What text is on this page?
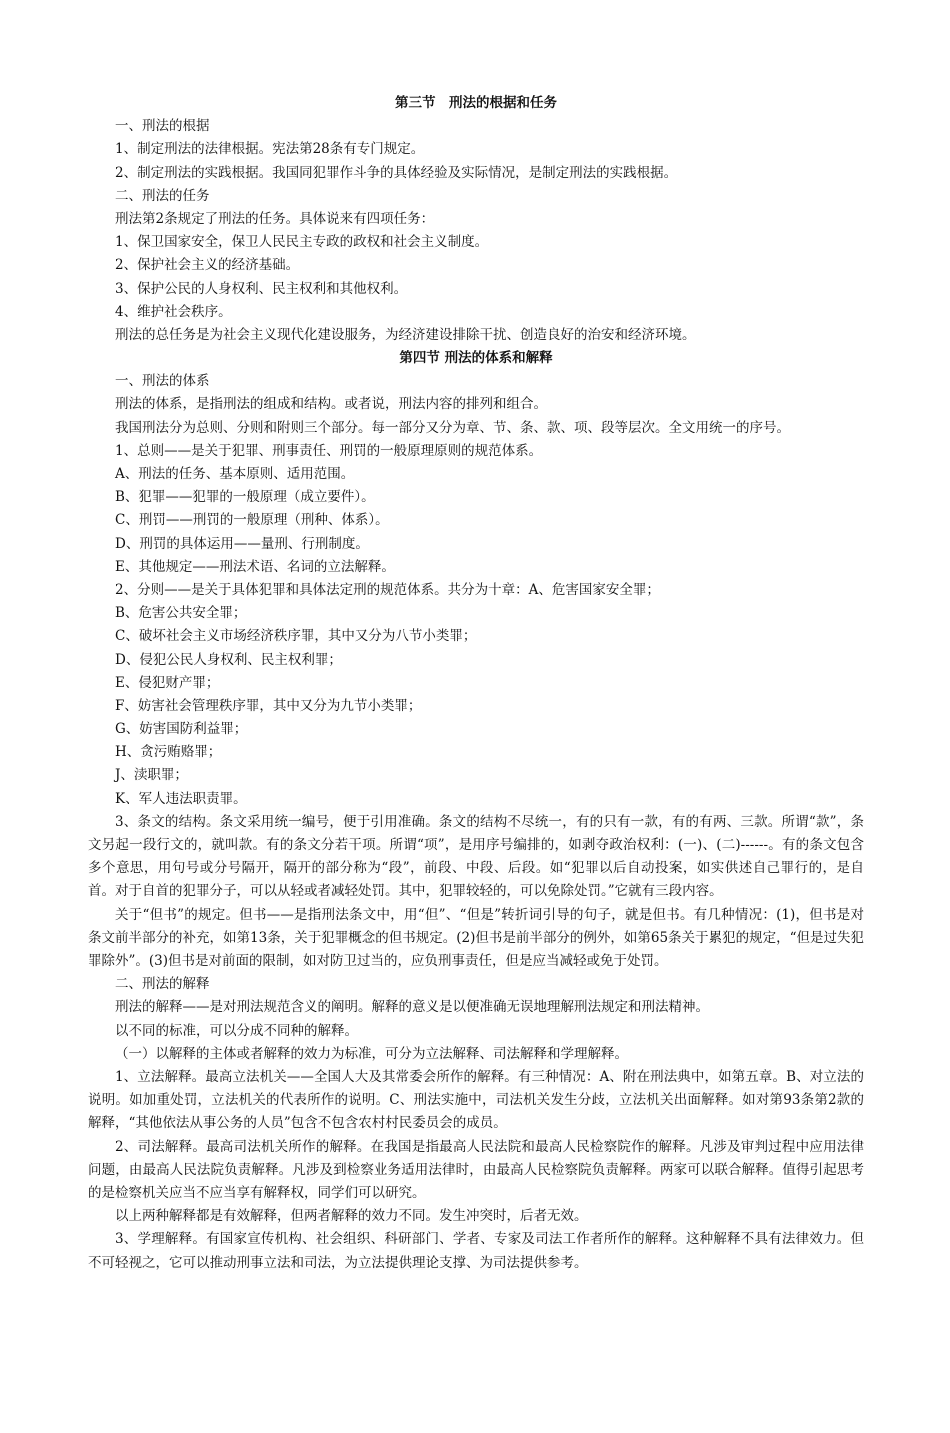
第三节　刑法的根据和任务
一、刑法的根据
1、制定刑法的法律根据。宪法第28条有专门规定。
2、制定刑法的实践根据。我国同犯罪作斗争的具体经验及实际情况，是制定刑法的实践根据。
二、刑法的任务
刑法第2条规定了刑法的任务。具体说来有四项任务：
1、保卫国家安全，保卫人民民主专政的政权和社会主义制度。
2、保护社会主义的经济基础。
3、保护公民的人身权利、民主权利和其他权利。
4、维护社会秩序。
刑法的总任务是为社会主义现代化建设服务，为经济建设排除干扰、创造良好的治安和经济环境。
第四节 刑法的体系和解释
一、刑法的体系
刑法的体系，是指刑法的组成和结构。或者说，刑法内容的排列和组合。
我国刑法分为总则、分则和附则三个部分。每一部分又分为章、节、条、款、项、段等层次。全文用统一的序号。
1、总则——是关于犯罪、刑事责任、刑罚的一般原理原则的规范体系。
A、刑法的任务、基本原则、适用范围。
B、犯罪——犯罪的一般原理（成立要件）。
C、刑罚——刑罚的一般原理（刑种、体系）。
D、刑罚的具体运用——量刑、行刑制度。
E、其他规定——刑法术语、名词的立法解释。
2、分则——是关于具体犯罪和具体法定刑的规范体系。共分为十章：A、危害国家安全罪；
B、危害公共安全罪；
C、破坏社会主义市场经济秩序罪，其中又分为八节小类罪；
D、侵犯公民人身权利、民主权利罪；
E、侵犯财产罪；
F、妨害社会管理秩序罪，其中又分为九节小类罪；
G、妨害国防利益罪；
H、贪污贿赂罪；
J、渎职罪；
K、军人违法职责罪。
3、条文的结构。条文采用统一编号，便于引用准确。条文的结构不尽统一，有的只有一款，有的有两、三款。所谓“款”，条文另起一段行文的，就叫款。有的条文分若干项。所谓“项”，是用序号编排的，如剥夺政治权利：(一)、(二)------。有的条文包含多个意思，用句号或分号隔开，隔开的部分称为“段”，前段、中段、后段。如“犯罪以后自动投案，如实供述自己罪行的，是自首。对于自首的犯罪分子，可以从轻或者减轻处罚。其中，犯罪较轻的，可以免除处罚。”它就有三段内容。
关于“但书”的规定。但书——是指刑法条文中，用“但”、“但是”转折词引导的句子，就是但书。有几种情况：(1)，但书是对条文前半部分的补充，如第13条，关于犯罪概念的但书规定。(2)但书是前半部分的例外，如第65条关于累犯的规定，“但是过失犯罪除外”。(3)但书是对前面的限制，如对防卫过当的，应负刑事责任，但是应当减轻或免于处罚。
二、刑法的解释
刑法的解释——是对刑法规范含义的阐明。解释的意义是以便准确无误地理解刑法规定和刑法精神。
以不同的标准，可以分成不同种的解释。
（一）以解释的主体或者解释的效力为标准，可分为立法解释、司法解释和学理解释。
1、立法解释。最高立法机关——全国人大及其常委会所作的解释。有三种情况：A、附在刑法典中，如第五章。B、对立法的说明。如加重处罚，立法机关的代表所作的说明。C、刑法实施中，司法机关发生分歧，立法机关出面解释。如对第93条第2款的解释，“其他依法从事公务的人员”包含不包含农村村民委员会的成员。
2、司法解释。最高司法机关所作的解释。在我国是指最高人民法院和最高人民检察院作的解释。凡涉及审判过程中应用法律问题，由最高人民法院负责解释。凡涉及到检察业务适用法律时，由最高人民检察院负责解释。两家可以联合解释。值得引起思考的是检察机关应当不应当享有解释权，同学们可以研究。
以上两种解释都是有效解释，但两者解释的效力不同。发生冲突时，后者无效。
3、学理解释。有国家宣传机构、社会组织、科研部门、学者、专家及司法工作者所作的解释。这种解释不具有法律效力。但不可轻视之，它可以推动刑事立法和司法，为立法提供理论支撑、为司法提供参考。
